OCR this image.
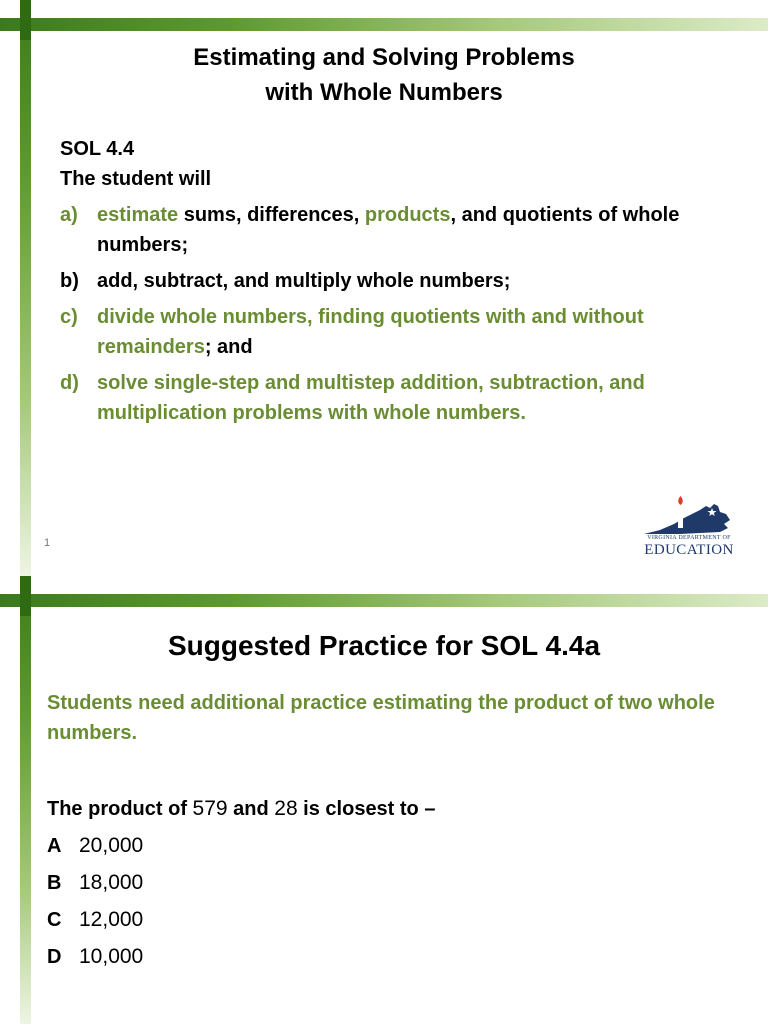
Estimating and Solving Problems
with Whole Numbers
SOL 4.4
The student will
a) estimate sums, differences, products, and quotients of whole numbers;
b) add, subtract, and multiply whole numbers;
c) divide whole numbers, finding quotients with and without remainders; and
d) solve single-step and multistep addition, subtraction, and multiplication problems with whole numbers.
1	VIRGINIA DEPARTMENT OF
EDUCATION
Suggested Practice for SOL 4.4a
Students need additional practice estimating the product of two whole numbers.
The product of 579 and 28 is closest to –
A 20,000
B 18,000
C 12,000
D 10,000
